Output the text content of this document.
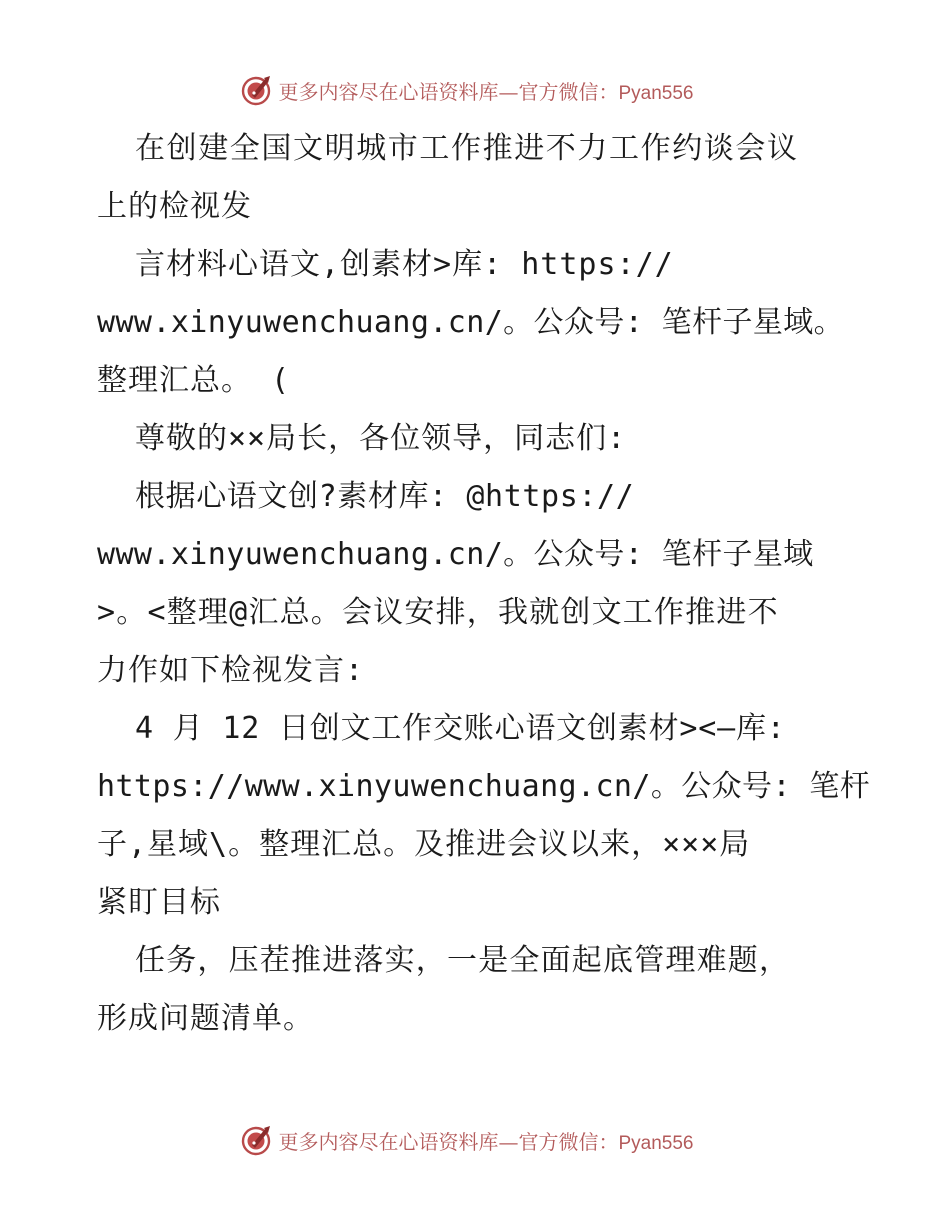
更多内容尽在心语资料库—官方微信：Pyan556
在创建全国文明城市工作推进不力工作约谈会议
上的检视发
言材料心语文,创素材>库: https://
www.xinyuwenchuang.cn/。公众号: 笔杆子星域。
整理汇总。 (
尊敬的××局长，各位领导，同志们:
根据心语文创?素材库: @https://
www.xinyuwenchuang.cn/。公众号: 笔杆子星域
>。<整理@汇总。会议安排，我就创文工作推进不
力作如下检视发言:
4 月 12 日创文工作交账心语文创素材><—库:
https://www.xinyuwenchuang.cn/。公众号: 笔杆
子,星域\。整理汇总。及推进会议以来，×××局
紧盯目标
任务，压茬推进落实，一是全面起底管理难题，
形成问题清单。
更多内容尽在心语资料库—官方微信：Pyan556
